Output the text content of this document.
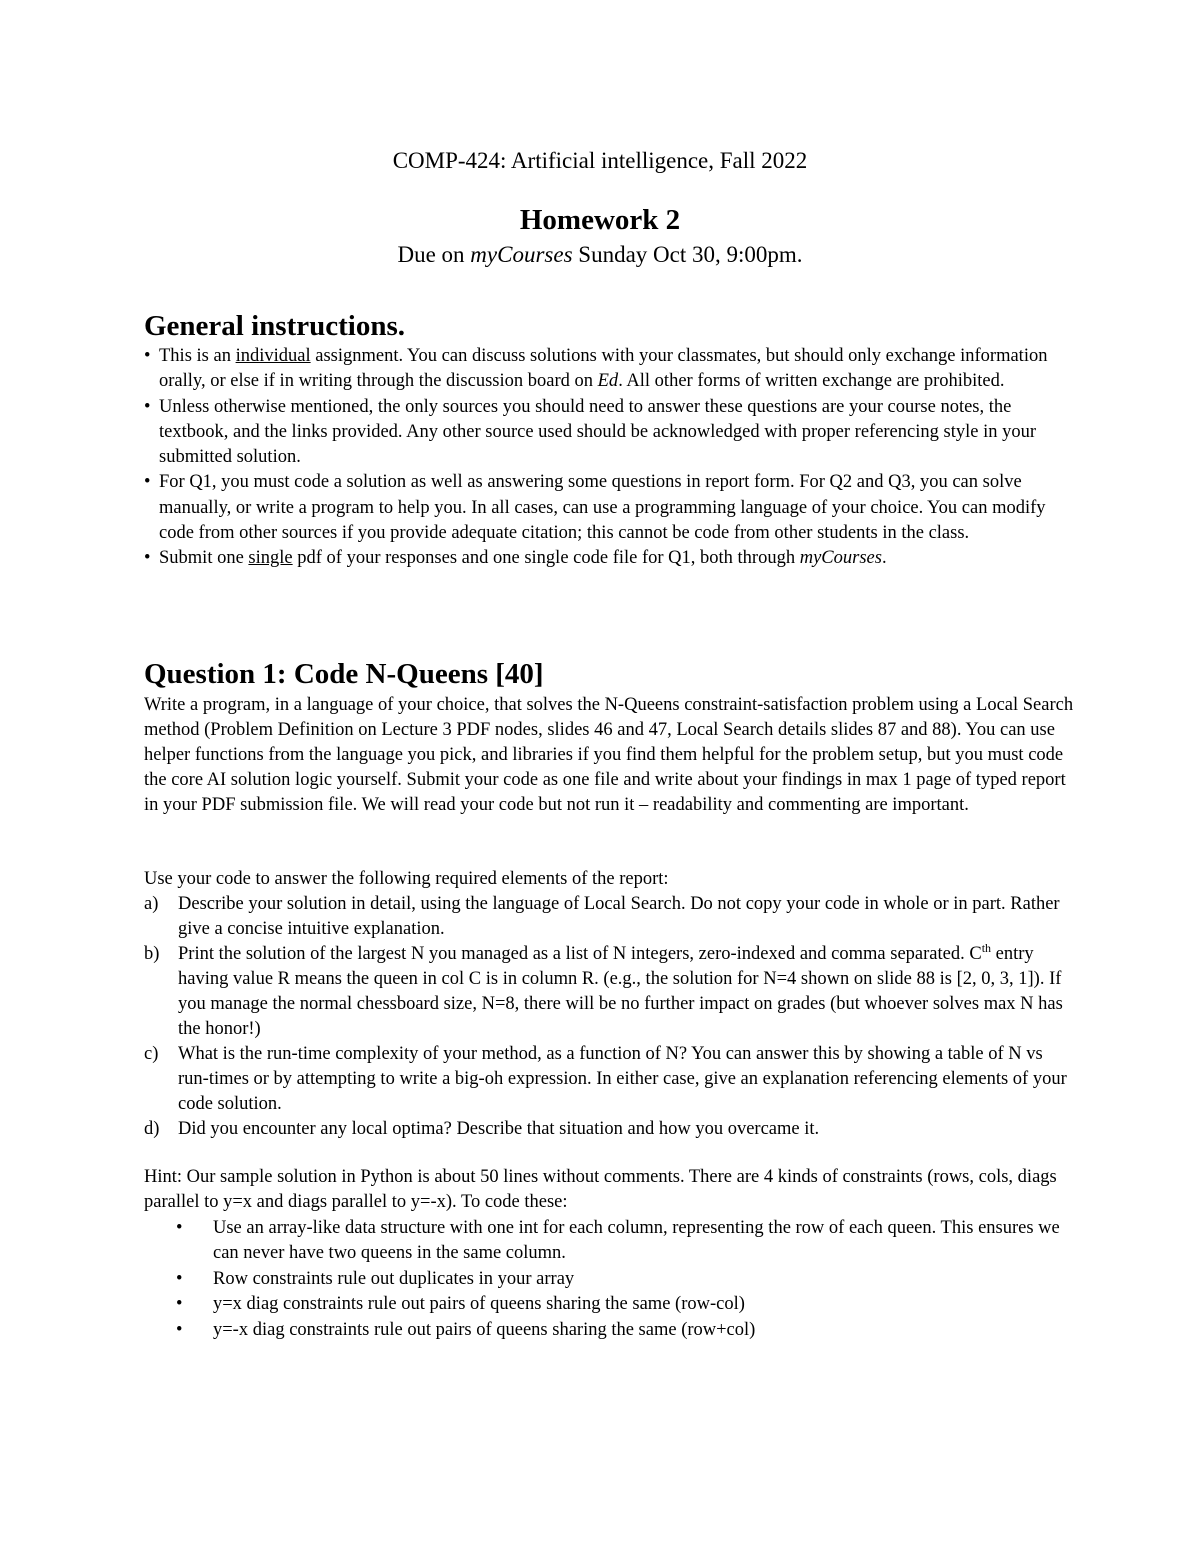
COMP-424: Artificial intelligence, Fall 2022
Homework 2
Due on myCourses Sunday Oct 30, 9:00pm.
General instructions.
• This is an individual assignment. You can discuss solutions with your classmates, but should only exchange information orally, or else if in writing through the discussion board on Ed. All other forms of written exchange are prohibited.
• Unless otherwise mentioned, the only sources you should need to answer these questions are your course notes, the textbook, and the links provided. Any other source used should be acknowledged with proper referencing style in your submitted solution.
• For Q1, you must code a solution as well as answering some questions in report form. For Q2 and Q3, you can solve manually, or write a program to help you. In all cases, can use a programming language of your choice. You can modify code from other sources if you provide adequate citation; this cannot be code from other students in the class.
• Submit one single pdf of your responses and one single code file for Q1, both through myCourses.
Question 1: Code N-Queens [40]

Write a program, in a language of your choice, that solves the N-Queens constraint-satisfaction problem using a Local Search method (Problem Definition on Lecture 3 PDF nodes, slides 46 and 47, Local Search details slides 87 and 88). You can use helper functions from the language you pick, and libraries if you find them helpful for the problem setup, but you must code the core AI solution logic yourself. Submit your code as one file and write about your findings in max 1 page of typed report in your PDF submission file. We will read your code but not run it – readability and commenting are important.

Use your code to answer the following required elements of the report:

a) Describe your solution in detail, using the language of Local Search. Do not copy your code in whole or in part. Rather give a concise intuitive explanation.
b) Print the solution of the largest N you managed as a list of N integers, zero-indexed and comma separated. Cth entry having value R means the queen in col C is in column R. (e.g., the solution for N=4 shown on slide 88 is [2, 0, 3, 1]). If you manage the normal chessboard size, N=8, there will be no further impact on grades (but whoever solves max N has the honor!)
c) What is the run-time complexity of your method, as a function of N? You can answer this by showing a table of N vs run-times or by attempting to write a big-oh expression. In either case, give an explanation referencing elements of your code solution.
d) Did you encounter any local optima? Describe that situation and how you overcame it.

Hint: Our sample solution in Python is about 50 lines without comments. There are 4 kinds of constraints (rows, cols, diags parallel to y=x and diags parallel to y=-x). To code these:

• Use an array-like data structure with one int for each column, representing the row of each queen. This ensures we can never have two queens in the same column.
• Row constraints rule out duplicates in your array
• y=x diag constraints rule out pairs of queens sharing the same (row-col)
• y=-x diag constraints rule out pairs of queens sharing the same (row+col)
